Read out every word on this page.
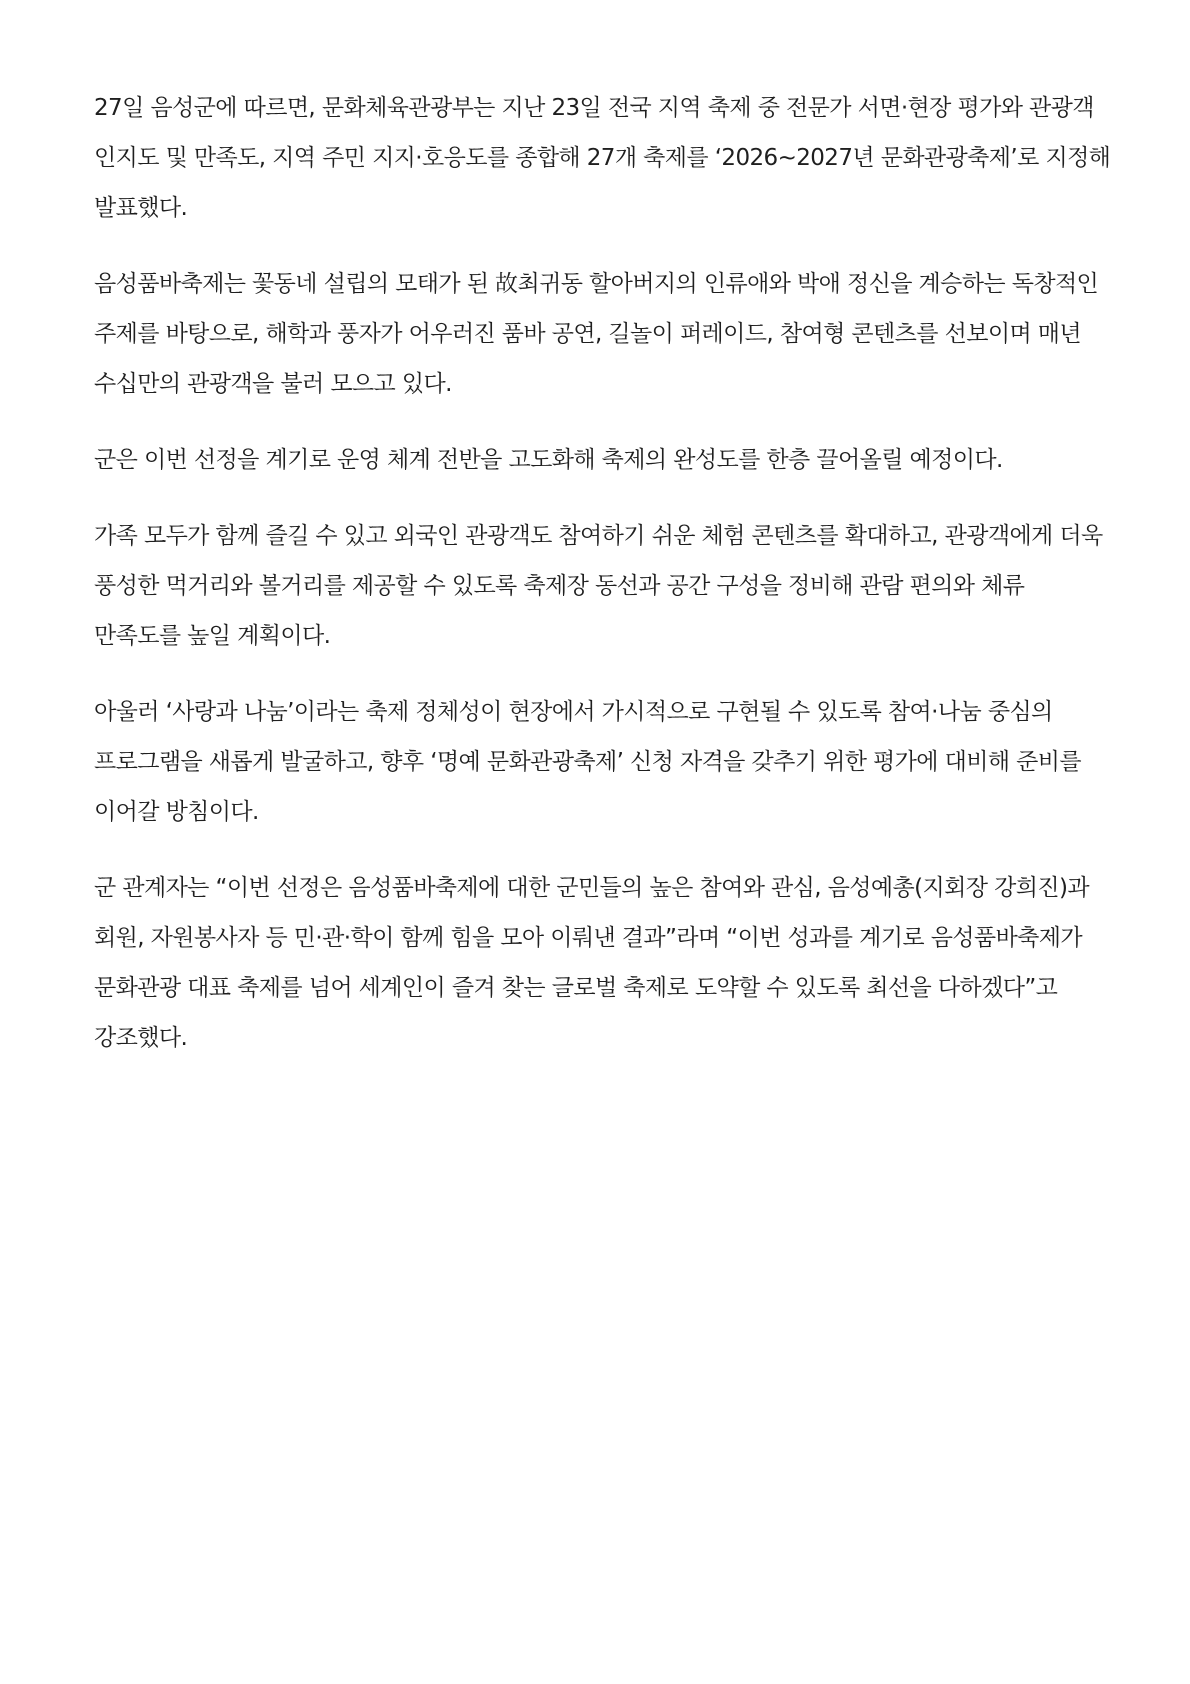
27일 음성군에 따르면, 문화체육관광부는 지난 23일 전국 지역 축제 중 전문가 서면·현장 평가와 관광객 인지도 및 만족도, 지역 주민 지지·호응도를 종합해 27개 축제를 ‘2026~2027년 문화관광축제’로 지정해 발표했다.

음성품바축제는 꽃동네 설립의 모태가 된 故최귀동 할아버지의 인류애와 박애 정신을 계승하는 독창적인 주제를 바탕으로, 해학과 풍자가 어우러진 품바 공연, 길놀이 퍼레이드, 참여형 콘텐츠를 선보이며 매년 수십만의 관광객을 불러 모으고 있다.

군은 이번 선정을 계기로 운영 체계 전반을 고도화해 축제의 완성도를 한층 끌어올릴 예정이다.

가족 모두가 함께 즐길 수 있고 외국인 관광객도 참여하기 쉬운 체험 콘텐츠를 확대하고, 관광객에게 더욱 풍성한 먹거리와 볼거리를 제공할 수 있도록 축제장 동선과 공간 구성을 정비해 관람 편의와 체류 만족도를 높일 계획이다.

아울러 ‘사랑과 나눔’이라는 축제 정체성이 현장에서 가시적으로 구현될 수 있도록 참여·나눔 중심의 프로그램을 새롭게 발굴하고, 향후 ‘명예 문화관광축제’ 신청 자격을 갖추기 위한 평가에 대비해 준비를 이어갈 방침이다.

군 관계자는 “이번 선정은 음성품바축제에 대한 군민들의 높은 참여와 관심, 음성예총(지회장 강희진)과 회원, 자원봉사자 등 민·관·학이 함께 힘을 모아 이뤄낸 결과”라며 “이번 성과를 계기로 음성품바축제가 문화관광 대표 축제를 넘어 세계인이 즐겨 찾는 글로벌 축제로 도약할 수 있도록 최선을 다하겠다”고 강조했다.
